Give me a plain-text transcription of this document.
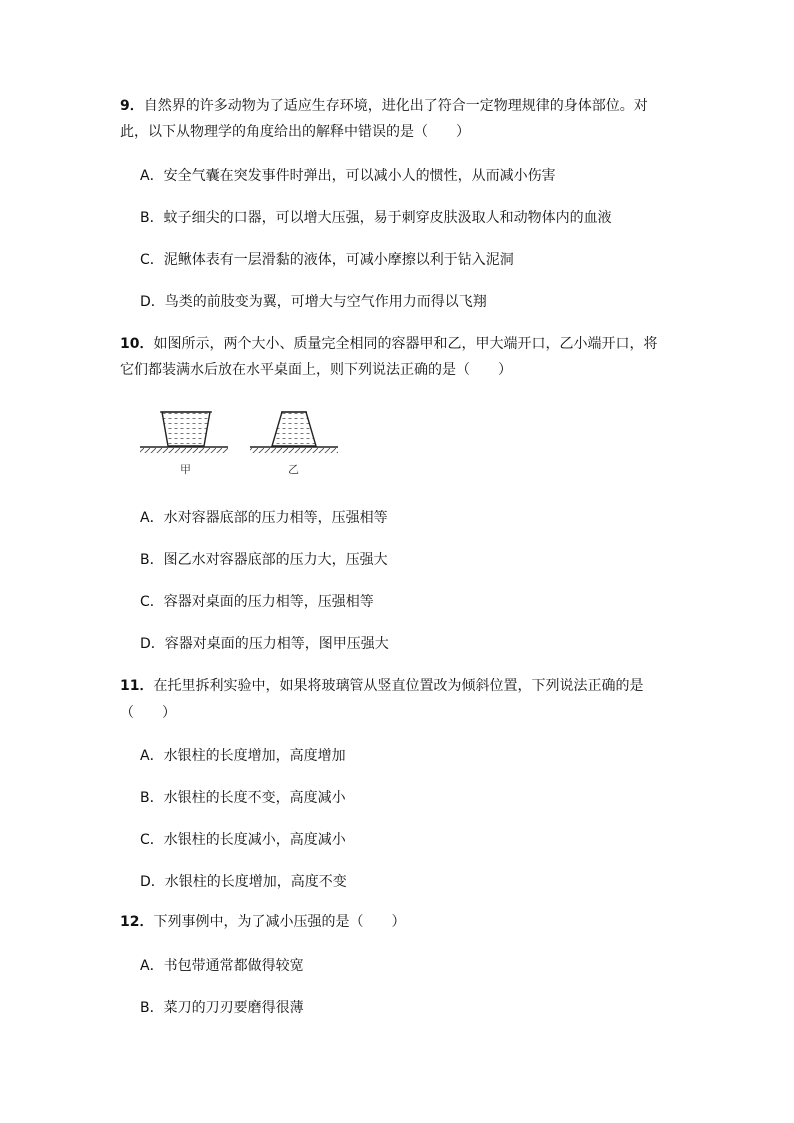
9．自然界的许多动物为了适应生存环境，进化出了符合一定物理规律的身体部位。对
此，以下从物理学的角度给出的解释中错误的是（　　）
A．安全气囊在突发事件时弹出，可以减小人的惯性，从而减小伤害
B．蚊子细尖的口器，可以增大压强，易于刺穿皮肤汲取人和动物体内的血液
C．泥鳅体表有一层滑黏的液体，可减小摩擦以利于钻入泥洞
D．鸟类的前肢变为翼，可增大与空气作用力而得以飞翔
10．如图所示，两个大小、质量完全相同的容器甲和乙，甲大端开口，乙小端开口，将
它们都装满水后放在水平桌面上，则下列说法正确的是（　　）
甲	乙
A．水对容器底部的压力相等，压强相等
B．图乙水对容器底部的压力大，压强大
C．容器对桌面的压力相等，压强相等
D．容器对桌面的压力相等，图甲压强大
11．在托里拆利实验中，如果将玻璃管从竖直位置改为倾斜位置，下列说法正确的是
（　　）
A．水银柱的长度增加，高度增加
B．水银柱的长度不变，高度减小
C．水银柱的长度减小，高度减小
D．水银柱的长度增加，高度不变
12．下列事例中，为了减小压强的是（　　）
A．书包带通常都做得较宽
B．菜刀的刀刃要磨得很薄
